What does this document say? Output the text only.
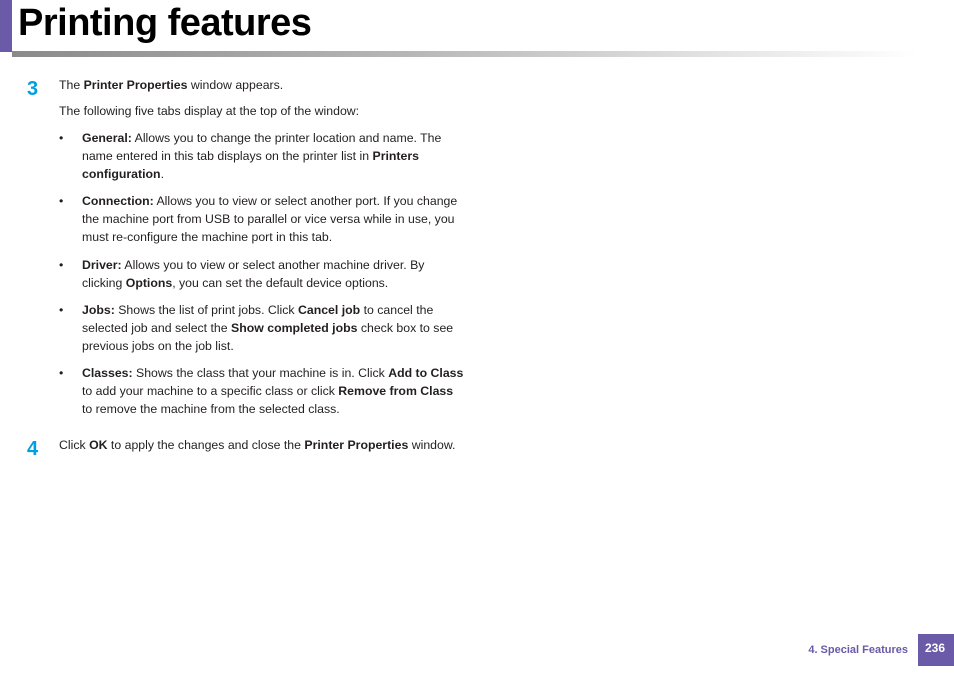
Printing features
3 The Printer Properties window appears.
The following five tabs display at the top of the window:
•	General: Allows you to change the printer location and name. The
name entered in this tab displays on the printer list in Printers
configuration.
•	Connection: Allows you to view or select another port. If you change
the machine port from USB to parallel or vice versa while in use, you
must re-configure the machine port in this tab.
•	Driver: Allows you to view or select another machine driver. By
clicking Options, you can set the default device options.
•	Jobs: Shows the list of print jobs. Click Cancel job to cancel the
selected job and select the Show completed jobs check box to see
previous jobs on the job list.
•	Classes: Shows the class that your machine is in. Click Add to Class
to add your machine to a specific class or click Remove from Class
to remove the machine from the selected class.
4 Click OK to apply the changes and close the Printer Properties window.
4. Special Features	236
